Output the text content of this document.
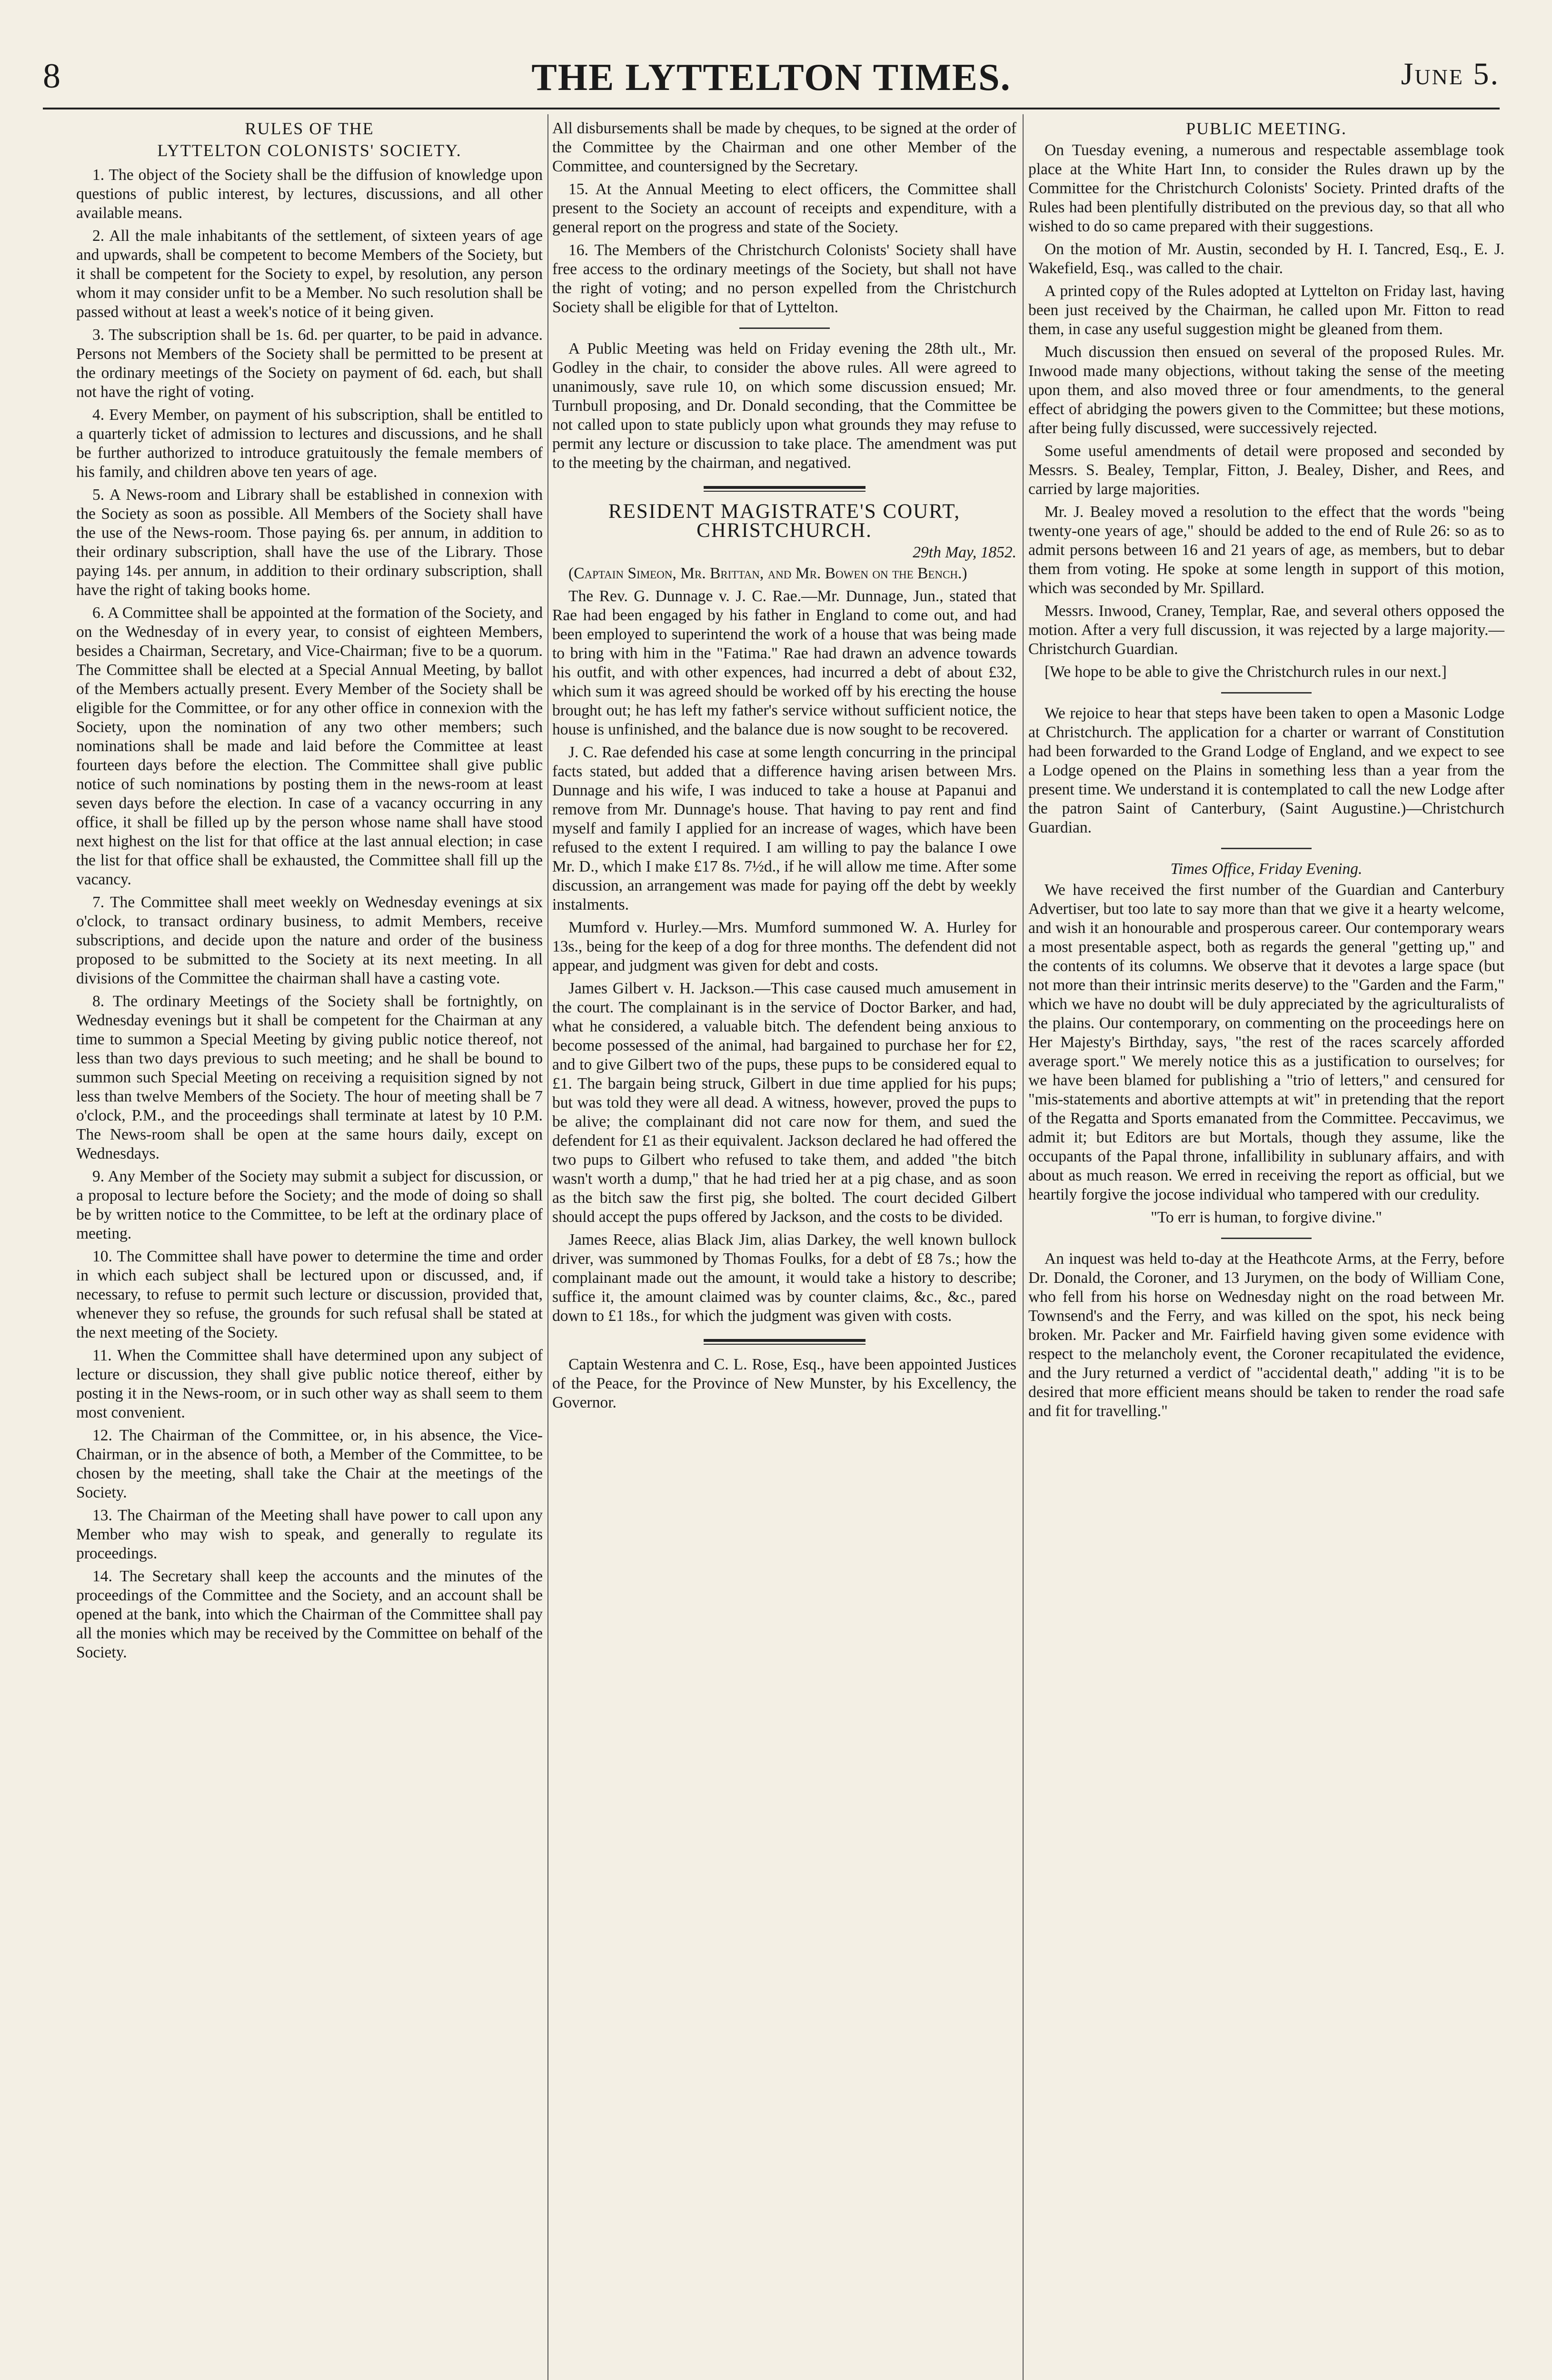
8	THE LYTTELTON TIMES.	June 5.
RULES OF THE
LYTTELTON COLONISTS' SOCIETY.

1. The object of the Society shall be the diffusion of knowledge upon questions of public interest, by lectures, discussions, and all other available means.

2. All the male inhabitants of the settlement, of sixteen years of age and upwards, shall be competent to become Members of the Society, but it shall be competent for the Society to expel, by resolution, any person whom it may consider unfit to be a Member. No such resolution shall be passed without at least a week's notice of it being given.

3. The subscription shall be 1s. 6d. per quarter, to be paid in advance. Persons not Members of the Society shall be permitted to be present at the ordinary meetings of the Society on payment of 6d. each, but shall not have the right of voting.

4. Every Member, on payment of his subscription, shall be entitled to a quarterly ticket of admission to lectures and discussions, and he shall be further authorized to introduce gratuitously the female members of his family, and children above ten years of age.

5. A News-room and Library shall be established in connexion with the Society as soon as possible. All Members of the Society shall have the use of the News-room. Those paying 6s. per annum, in addition to their ordinary subscription, shall have the use of the Library. Those paying 14s. per annum, in addition to their ordinary subscription, shall have the right of taking books home.

6. A Committee shall be appointed at the formation of the Society, and on the Wednesday of in every year, to consist of eighteen Members, besides a Chairman, Secretary, and Vice-Chairman; five to be a quorum. The Committee shall be elected at a Special Annual Meeting, by ballot of the Members actually present. Every Member of the Society shall be eligible for the Committee, or for any other office in connexion with the Society, upon the nomination of any two other members; such nominations shall be made and laid before the Committee at least fourteen days before the election. The Committee shall give public notice of such nominations by posting them in the news-room at least seven days before the election. In case of a vacancy occurring in any office, it shall be filled up by the person whose name shall have stood next highest on the list for that office at the last annual election; in case the list for that office shall be exhausted, the Committee shall fill up the vacancy.

7. The Committee shall meet weekly on Wednesday evenings at six o'clock, to transact ordinary business, to admit Members, receive subscriptions, and decide upon the nature and order of the business proposed to be submitted to the Society at its next meeting. In all divisions of the Committee the chairman shall have a casting vote.

8. The ordinary Meetings of the Society shall be fortnightly, on Wednesday evenings but it shall be competent for the Chairman at any time to summon a Special Meeting by giving public notice thereof, not less than two days previous to such meeting; and he shall be bound to summon such Special Meeting on receiving a requisition signed by not less than twelve Members of the Society. The hour of meeting shall be 7 o'clock, P.M., and the proceedings shall terminate at latest by 10 P.M. The News-room shall be open at the same hours daily, except on Wednesdays.

9. Any Member of the Society may submit a subject for discussion, or a proposal to lecture before the Society; and the mode of doing so shall be by written notice to the Committee, to be left at the ordinary place of meeting.

10. The Committee shall have power to determine the time and order in which each subject shall be lectured upon or discussed, and, if necessary, to refuse to permit such lecture or discussion, provided that, whenever they so refuse, the grounds for such refusal shall be stated at the next meeting of the Society.

11. When the Committee shall have determined upon any subject of lecture or discussion, they shall give public notice thereof, either by posting it in the News-room, or in such other way as shall seem to them most convenient.

12. The Chairman of the Committee, or, in his absence, the Vice-Chairman, or in the absence of both, a Member of the Committee, to be chosen by the meeting, shall take the Chair at the meetings of the Society.

13. The Chairman of the Meeting shall have power to call upon any Member who may wish to speak, and generally to regulate its proceedings.

14. The Secretary shall keep the accounts and the minutes of the proceedings of the Committee and the Society, and an account shall be opened at the bank, into which the Chairman of the Committee shall pay all the monies which may be received by the Committee on behalf of the Society.

All disbursements shall be made by cheques, to be signed at the order of the Committee by the Chairman and one other Member of the Committee, and countersigned by the Secretary.

15. At the Annual Meeting to elect officers, the Committee shall present to the Society an account of receipts and expenditure, with a general report on the progress and state of the Society.

16. The Members of the Christchurch Colonists' Society shall have free access to the ordinary meetings of the Society, but shall not have the right of voting; and no person expelled from the Christchurch Society shall be eligible for that of Lyttelton.

A Public Meeting was held on Friday evening the 28th ult., Mr. Godley in the chair, to consider the above rules. All were agreed to unanimously, save rule 10, on which some discussion ensued; Mr. Turnbull proposing, and Dr. Donald seconding, that the Committee be not called upon to state publicly upon what grounds they may refuse to permit any lecture or discussion to take place. The amendment was put to the meeting by the chairman, and negatived.

RESIDENT MAGISTRATE'S COURT,
CHRISTCHURCH.
29th May, 1852.

(Captain Simeon, Mr. Brittan, and Mr. Bowen on the Bench.)

The Rev. G. Dunnage v. J. C. Rae.—Mr. Dunnage, Jun., stated that Rae had been engaged by his father in England to come out, and had been employed to superintend the work of a house that was being made to bring with him in the "Fatima." Rae had drawn an advence towards his outfit, and with other expences, had incurred a debt of about £32, which sum it was agreed should be worked off by his erecting the house brought out; he has left my father's service without sufficient notice, the house is unfinished, and the balance due is now sought to be recovered.

J. C. Rae defended his case at some length concurring in the principal facts stated, but added that a difference having arisen between Mrs. Dunnage and his wife, I was induced to take a house at Papanui and remove from Mr. Dunnage's house. That having to pay rent and find myself and family I applied for an increase of wages, which have been refused to the extent I required. I am willing to pay the balance I owe Mr. D., which I make £17 8s. 7½d., if he will allow me time. After some discussion, an arrangement was made for paying off the debt by weekly instalments.

Mumford v. Hurley.—Mrs. Mumford summoned W. A. Hurley for 13s., being for the keep of a dog for three months. The defendent did not appear, and judgment was given for debt and costs.

James Gilbert v. H. Jackson.—This case caused much amusement in the court. The complainant is in the service of Doctor Barker, and had, what he considered, a valuable bitch. The defendent being anxious to become possessed of the animal, had bargained to purchase her for £2, and to give Gilbert two of the pups, these pups to be considered equal to £1. The bargain being struck, Gilbert in due time applied for his pups; but was told they were all dead. A witness, however, proved the pups to be alive; the complainant did not care now for them, and sued the defendent for £1 as their equivalent. Jackson declared he had offered the two pups to Gilbert who refused to take them, and added "the bitch wasn't worth a dump," that he had tried her at a pig chase, and as soon as the bitch saw the first pig, she bolted. The court decided Gilbert should accept the pups offered by Jackson, and the costs to be divided.

James Reece, alias Black Jim, alias Darkey, the well known bullock driver, was summoned by Thomas Foulks, for a debt of £8 7s.; how the complainant made out the amount, it would take a history to describe; suffice it, the amount claimed was by counter claims, &c., &c., pared down to £1 18s., for which the judgment was given with costs.

Captain Westenra and C. L. Rose, Esq., have been appointed Justices of the Peace, for the Province of New Munster, by his Excellency, the Governor.

PUBLIC MEETING.

On Tuesday evening, a numerous and respectable assemblage took place at the White Hart Inn, to consider the Rules drawn up by the Committee for the Christchurch Colonists' Society. Printed drafts of the Rules had been plentifully distributed on the previous day, so that all who wished to do so came prepared with their suggestions.

On the motion of Mr. Austin, seconded by H. I. Tancred, Esq., E. J. Wakefield, Esq., was called to the chair.

A printed copy of the Rules adopted at Lyttelton on Friday last, having been just received by the Chairman, he called upon Mr. Fitton to read them, in case any useful suggestion might be gleaned from them.

Much discussion then ensued on several of the proposed Rules. Mr. Inwood made many objections, without taking the sense of the meeting upon them, and also moved three or four amendments, to the general effect of abridging the powers given to the Committee; but these motions, after being fully discussed, were successively rejected.

Some useful amendments of detail were proposed and seconded by Messrs. S. Bealey, Templar, Fitton, J. Bealey, Disher, and Rees, and carried by large majorities.

Mr. J. Bealey moved a resolution to the effect that the words "being twenty-one years of age," should be added to the end of Rule 26: so as to admit persons between 16 and 21 years of age, as members, but to debar them from voting. He spoke at some length in support of this motion, which was seconded by Mr. Spillard.

Messrs. Inwood, Craney, Templar, Rae, and several others opposed the motion. After a very full discussion, it was rejected by a large majority.—Christchurch Guardian.

[We hope to be able to give the Christchurch rules in our next.]

We rejoice to hear that steps have been taken to open a Masonic Lodge at Christchurch. The application for a charter or warrant of Constitution had been forwarded to the Grand Lodge of England, and we expect to see a Lodge opened on the Plains in something less than a year from the present time. We understand it is contemplated to call the new Lodge after the patron Saint of Canterbury, (Saint Augustine.)—Christchurch Guardian.

Times Office, Friday Evening.

We have received the first number of the Guardian and Canterbury Advertiser, but too late to say more than that we give it a hearty welcome, and wish it an honourable and prosperous career. Our contemporary wears a most presentable aspect, both as regards the general "getting up," and the contents of its columns. We observe that it devotes a large space (but not more than their intrinsic merits deserve) to the "Garden and the Farm," which we have no doubt will be duly appreciated by the agriculturalists of the plains. Our contemporary, on commenting on the proceedings here on Her Majesty's Birthday, says, "the rest of the races scarcely afforded average sport." We merely notice this as a justification to ourselves; for we have been blamed for publishing a "trio of letters," and censured for "mis-statements and abortive attempts at wit" in pretending that the report of the Regatta and Sports emanated from the Committee. Peccavimus, we admit it; but Editors are but Mortals, though they assume, like the occupants of the Papal throne, infallibility in sublunary affairs, and with about as much reason. We erred in receiving the report as official, but we heartily forgive the jocose individual who tampered with our credulity.

"To err is human, to forgive divine."

An inquest was held to-day at the Heathcote Arms, at the Ferry, before Dr. Donald, the Coroner, and 13 Jurymen, on the body of William Cone, who fell from his horse on Wednesday night on the road between Mr. Townsend's and the Ferry, and was killed on the spot, his neck being broken. Mr. Packer and Mr. Fairfield having given some evidence with respect to the melancholy event, the Coroner recapitulated the evidence, and the Jury returned a verdict of "accidental death," adding "it is to be desired that more efficient means should be taken to render the road safe and fit for travelling."
